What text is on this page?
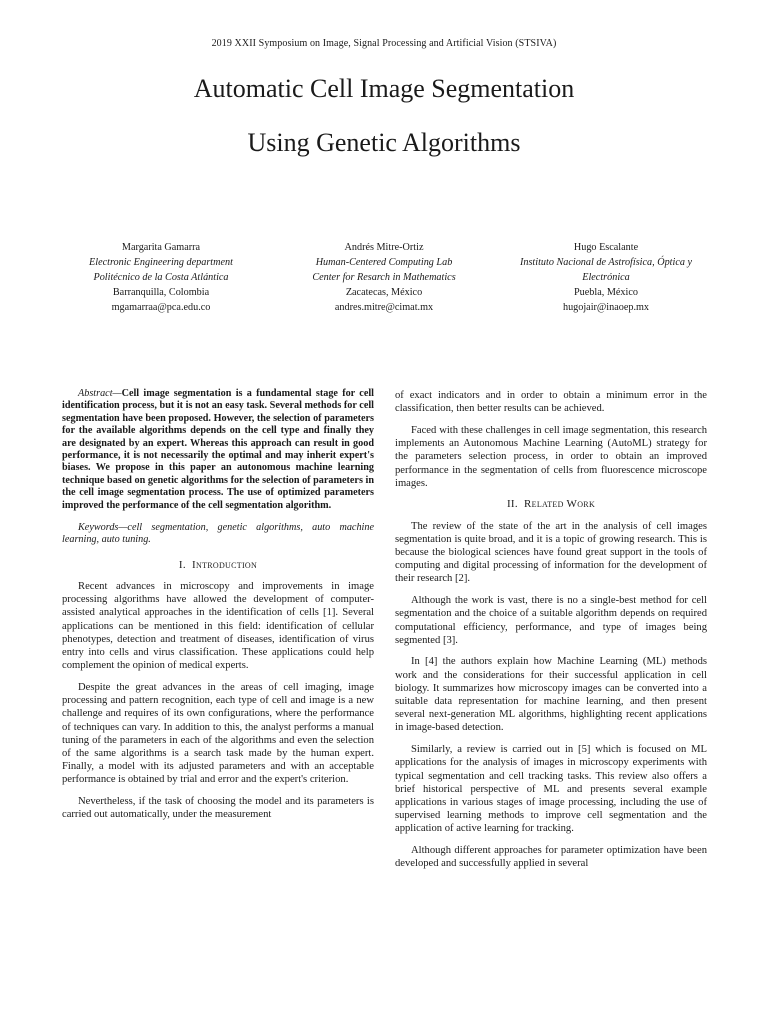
2019 XXII Symposium on Image, Signal Processing and Artificial Vision (STSIVA)
Automatic Cell Image Segmentation
Using Genetic Algorithms
Margarita Gamarra
Electronic Engineering department
Politécnico de la Costa Atlántica
Barranquilla, Colombia
mgamarraa@pca.edu.co
Andrés Mitre-Ortiz
Human-Centered Computing Lab
Center for Resarch in Mathematics
Zacatecas, México
andres.mitre@cimat.mx
Hugo Escalante
Instituto Nacional de Astrofísica, Óptica y
Electrónica
Puebla, México
hugojair@inaoep.mx
Abstract—Cell image segmentation is a fundamental stage for cell identification process, but it is not an easy task. Several methods for cell segmentation have been proposed. However, the selection of parameters for the available algorithms depends on the cell type and finally they are designated by an expert. Whereas this approach can result in good performance, it is not necessarily the optimal and may inherit expert's biases. We propose in this paper an autonomous machine learning technique based on genetic algorithms for the selection of parameters in the cell image segmentation process. The use of optimized parameters improved the performance of the cell segmentation algorithm.
Keywords—cell segmentation, genetic algorithms, auto machine learning, auto tuning.
I. Introduction

Recent advances in microscopy and improvements in image processing algorithms have allowed the development of computer-assisted analytical approaches in the identification of cells [1]. Several applications can be mentioned in this field: identification of cellular phenotypes, detection and treatment of diseases, identification of virus entry into cells and virus classification. These applications could help complement the opinion of medical experts.

Despite the great advances in the areas of cell imaging, image processing and pattern recognition, each type of cell and image is a new challenge and requires of its own configurations, where the performance of techniques can vary. In addition to this, the analyst performs a manual tuning of the parameters in each of the algorithms and even the selection of the same algorithms is a search task made by the human expert. Finally, a model with its adjusted parameters and with an acceptable performance is obtained by trial and error and the expert's criterion.

Nevertheless, if the task of choosing the model and its parameters is carried out automatically, under the measurement

of exact indicators and in order to obtain a minimum error in the classification, then better results can be achieved.

Faced with these challenges in cell image segmentation, this research implements an Autonomous Machine Learning (AutoML) strategy for the parameters selection process, in order to obtain an improved performance in the segmentation of cells from fluorescence microscope images.

II. Related Work

The review of the state of the art in the analysis of cell images segmentation is quite broad, and it is a topic of growing research. This is because the biological sciences have found great support in the tools of computing and digital processing of information for the development of their research [2].

Although the work is vast, there is no a single-best method for cell segmentation and the choice of a suitable algorithm depends on required computational efficiency, performance, and type of images being segmented [3].

In [4] the authors explain how Machine Learning (ML) methods work and the considerations for their successful application in cell biology. It summarizes how microscopy images can be converted into a suitable data representation for machine learning, and then present several next-generation ML algorithms, highlighting recent applications in image-based detection.

Similarly, a review is carried out in [5] which is focused on ML applications for the analysis of images in microscopy experiments with typical segmentation and cell tracking tasks. This review also offers a brief historical perspective of ML and presents several example applications in various stages of image processing, including the use of supervised learning methods to improve cell segmentation and the application of active learning for tracking.

Although different approaches for parameter optimization have been developed and successfully applied in several
